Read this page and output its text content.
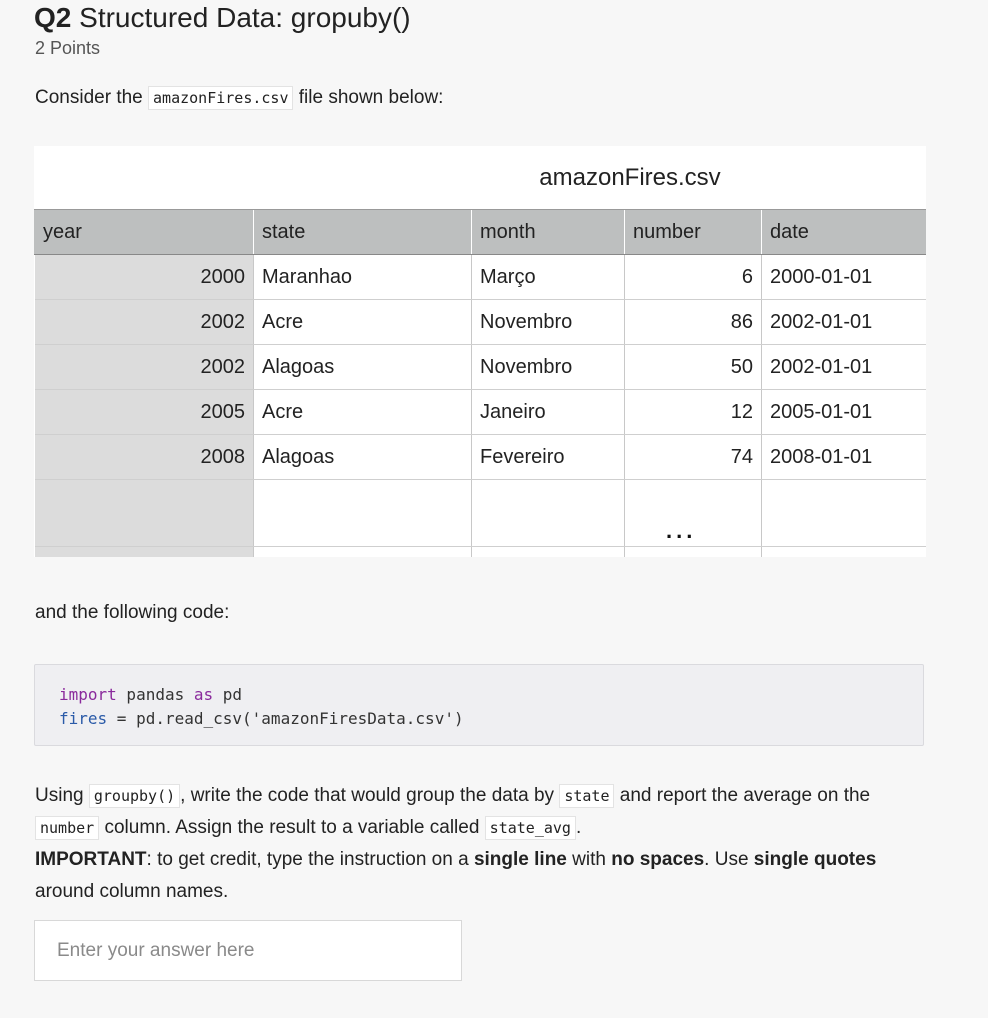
Q2 Structured Data: gropuby()
2 Points
Consider the amazonFires.csv file shown below:
amazonFires.csv
year	state	month	number	date
2000	Maranhao	Março	6	2000-01-01
2002	Acre	Novembro	86	2002-01-01
2002	Alagoas	Novembro	50	2002-01-01
2005	Acre	Janeiro	12	2005-01-01
2008	Alagoas	Fevereiro	74	2008-01-01

...
and the following code:
import pandas as pd
fires = pd.read_csv('amazonFiresData.csv')

Using groupby() , write the code that would group the data by state and report the average on the number column. Assign the result to a variable called state_avg .

IMPORTANT: to get credit, type the instruction on a single line with no spaces. Use single quotes around column names.

Enter your answer here
